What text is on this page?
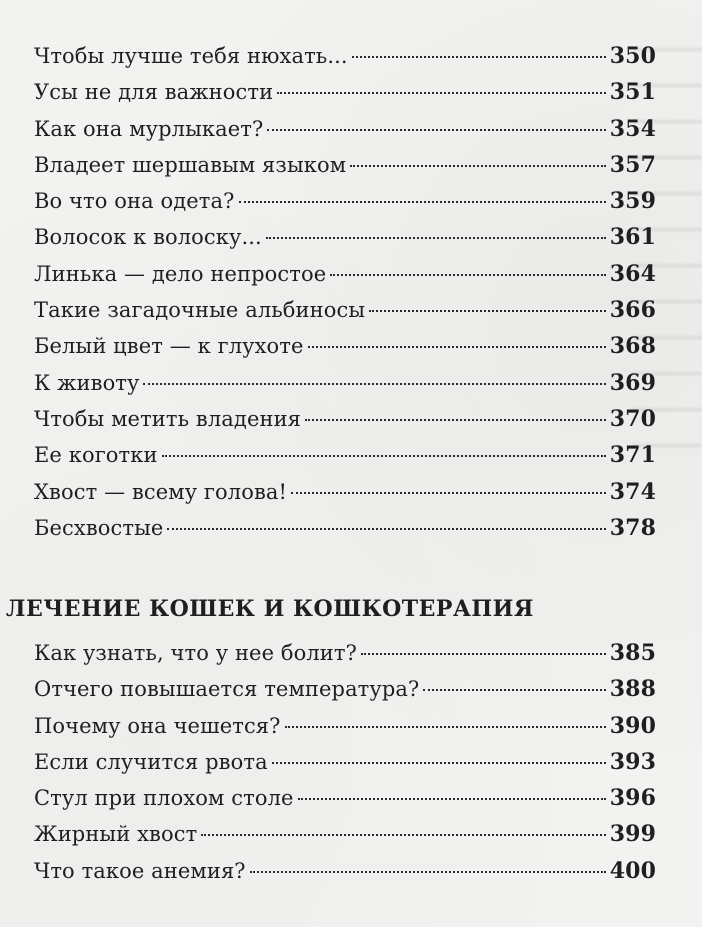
Чтобы лучше тебя нюхать...	350
Усы не для важности	351
Как она мурлыкает?	354
Владеет шершавым языком	357
Во что она одета?	359
Волосок к волоску...	361
Линька — дело непростое	364
Такие загадочные альбиносы	366
Белый цвет — к глухоте	368
К животу	369
Чтобы метить владения	370
Ее коготки	371
Хвост — всему голова!	374
Бесхвостые	378
ЛЕЧЕНИЕ КОШЕК И КОШКОТЕРАПИЯ
Как узнать, что у нее болит?	385
Отчего повышается температура?	388
Почему она чешется?	390
Если случится рвота	393
Стул при плохом столе	396
Жирный хвост	399
Что такое анемия?	400
